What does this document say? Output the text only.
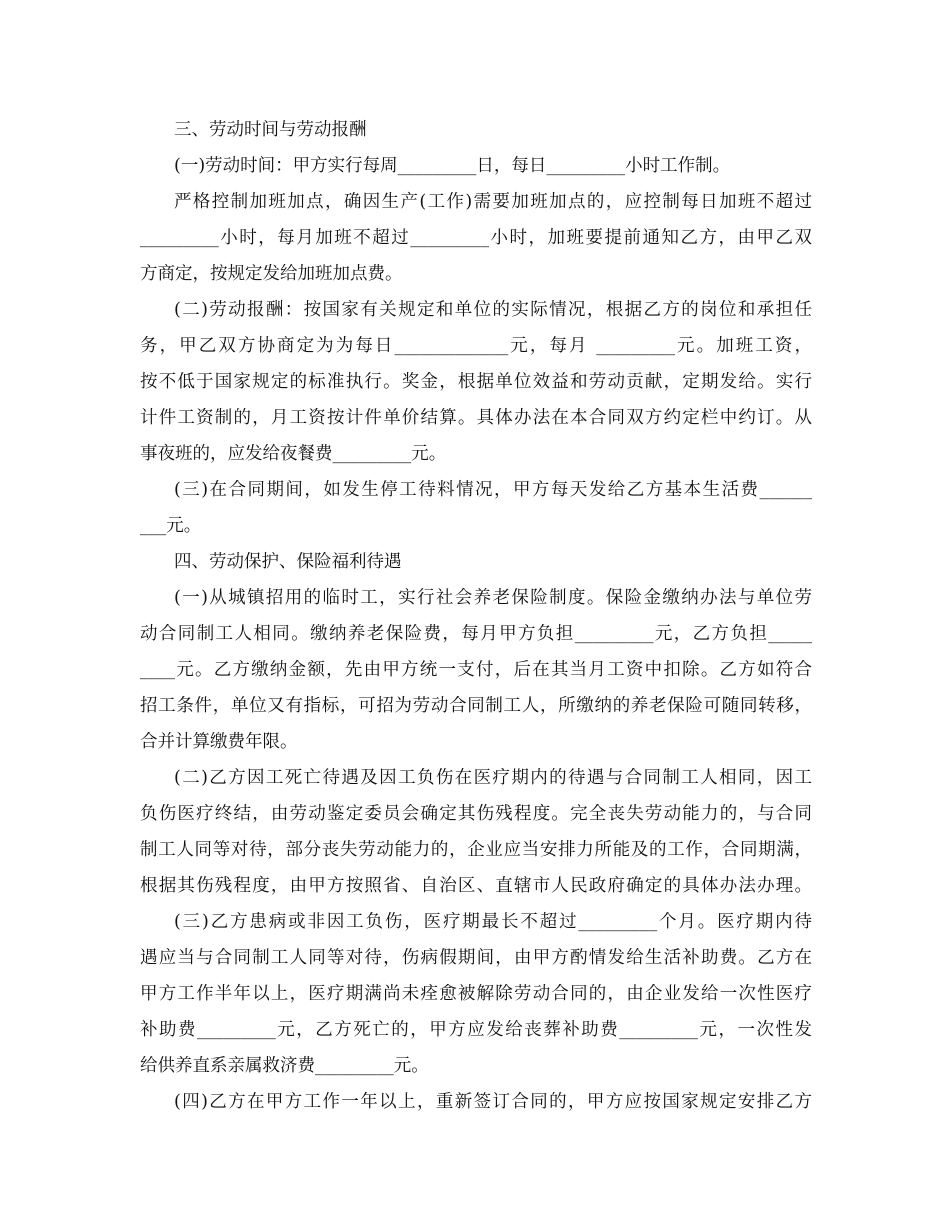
三、劳动时间与劳动报酬
(一)劳动时间：甲方实行每周_________日，每日_________小时工作制。
严格控制加班加点，确因生产(工作)需要加班加点的，应控制每日加班不超过
_________小时，每月加班不超过_________小时，加班要提前通知乙方，由甲乙双
方商定，按规定发给加班加点费。
(二)劳动报酬：按国家有关规定和单位的实际情况，根据乙方的岗位和承担任
务，甲乙双方协商定为为每日_____________元，每月 _________元。加班工资，
按不低于国家规定的标准执行。奖金，根据单位效益和劳动贡献，定期发给。实行
计件工资制的，月工资按计件单价结算。具体办法在本合同双方约定栏中约订。从
事夜班的，应发给夜餐费_________元。
(三)在合同期间，如发生停工待料情况，甲方每天发给乙方基本生活费______
___元。
四、劳动保护、保险福利待遇
(一)从城镇招用的临时工，实行社会养老保险制度。保险金缴纳办法与单位劳
动合同制工人相同。缴纳养老保险费，每月甲方负担_________元，乙方负担_____
____元。乙方缴纳金额，先由甲方统一支付，后在其当月工资中扣除。乙方如符合
招工条件，单位又有指标，可招为劳动合同制工人，所缴纳的养老保险可随同转移，
合并计算缴费年限。
(二)乙方因工死亡待遇及因工负伤在医疗期内的待遇与合同制工人相同，因工
负伤医疗终结，由劳动鉴定委员会确定其伤残程度。完全丧失劳动能力的，与合同
制工人同等对待，部分丧失劳动能力的，企业应当安排力所能及的工作，合同期满，
根据其伤残程度，由甲方按照省、自治区、直辖市人民政府确定的具体办法办理。
(三)乙方患病或非因工负伤，医疗期最长不超过_________个月。医疗期内待
遇应当与合同制工人同等对待，伤病假期间，由甲方酌情发给生活补助费。乙方在
甲方工作半年以上，医疗期满尚未痊愈被解除劳动合同的，由企业发给一次性医疗
补助费_________元，乙方死亡的，甲方应发给丧葬补助费_________元，一次性发
给供养直系亲属救济费_________元。
(四)乙方在甲方工作一年以上，重新签订合同的，甲方应按国家规定安排乙方
